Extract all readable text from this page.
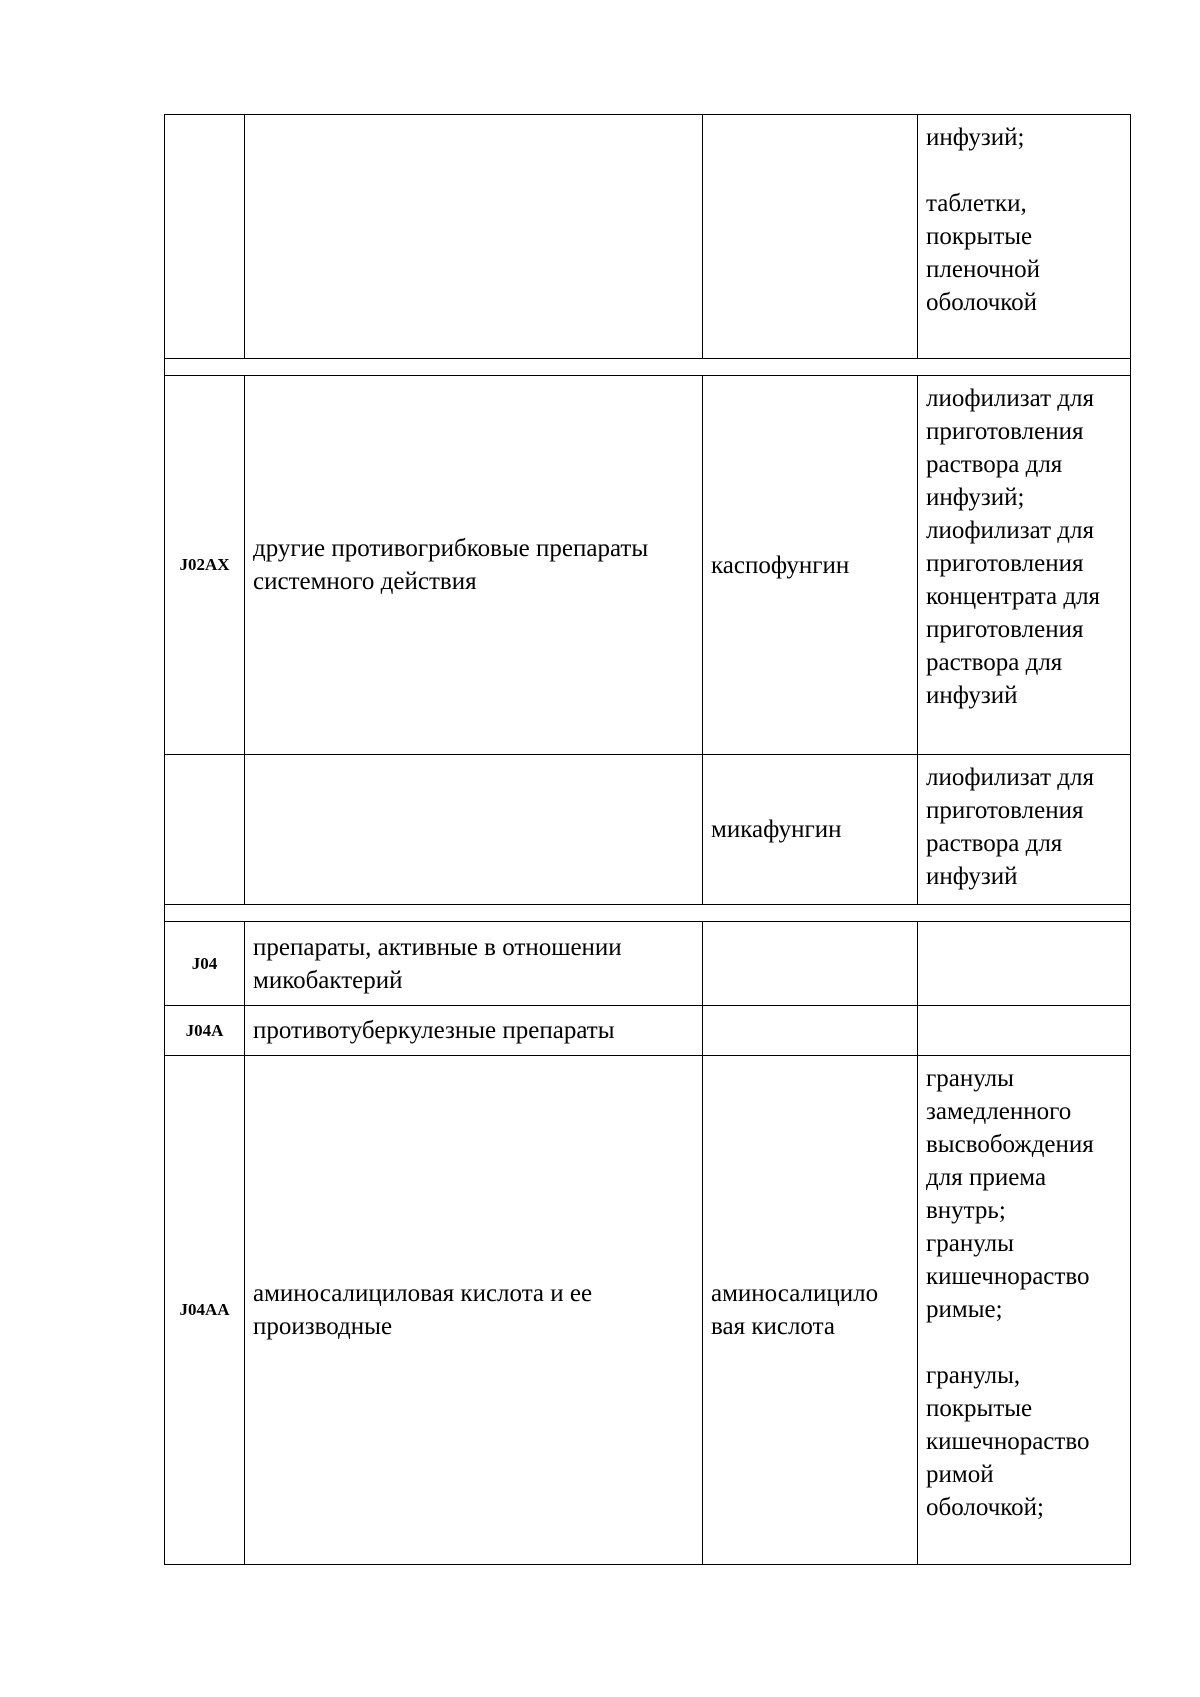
инфузий;
таблетки,
покрытые
пленочной
оболочкой
J02AX
другие противогрибковые препараты системного действия
каспофунгин
лиофилизат для
приготовления
раствора для
инфузий;
лиофилизат для
приготовления
концентрата для
приготовления
раствора для
инфузий
микафунгин
лиофилизат для
приготовления
раствора для
инфузий
J04
препараты, активные в отношении микобактерий
J04A противотуберкулезные препараты
J04AA
аминосалициловая кислота и ее производные
аминосалицило вая кислота
гранулы
замедленного
высвобождения
для приема
внутрь;
гранулы
кишечнораство
римые;
гранулы,
покрытые
кишечнораство
римой
оболочкой;
